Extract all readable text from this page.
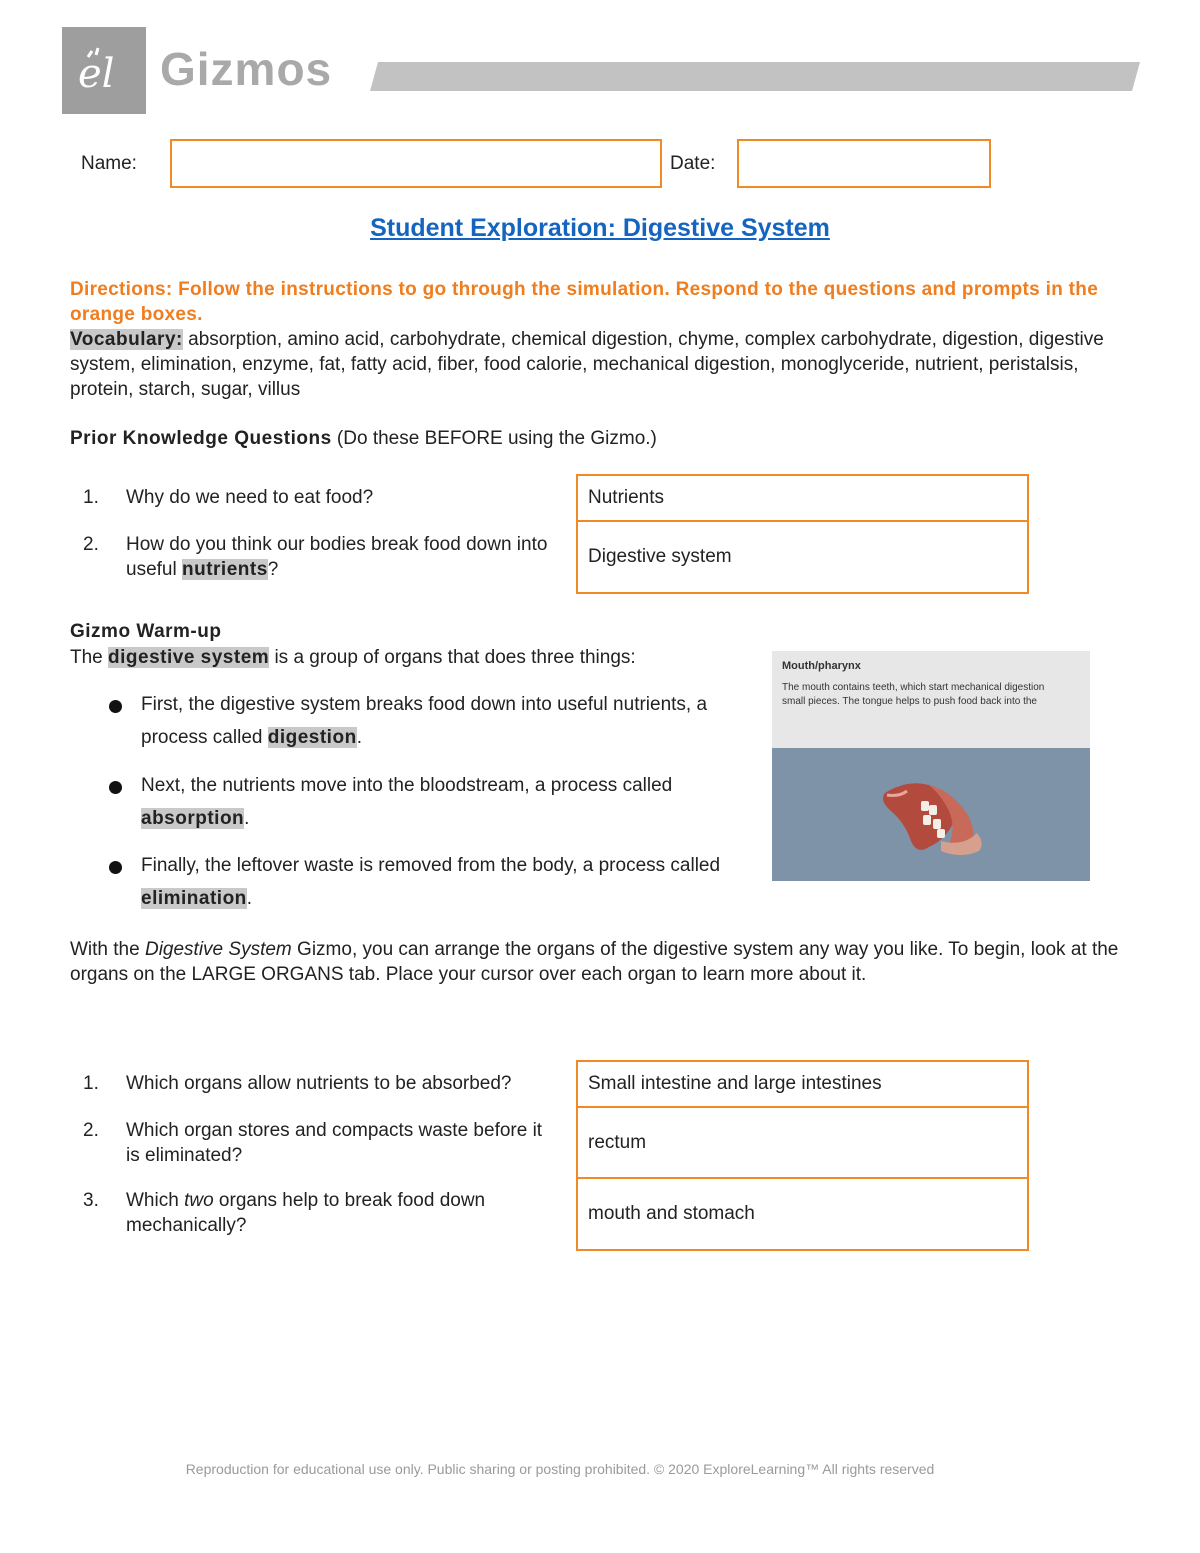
el Gizmos
Name:	Date:
Student Exploration: Digestive System
Directions: Follow the instructions to go through the simulation. Respond to the questions and prompts in the orange boxes.
Vocabulary: absorption, amino acid, carbohydrate, chemical digestion, chyme, complex carbohydrate, digestion, digestive system, elimination, enzyme, fat, fatty acid, fiber, food calorie, mechanical digestion, monoglyceride, nutrient, peristalsis, protein, starch, sugar, villus
Prior Knowledge Questions (Do these BEFORE using the Gizmo.)
1. Why do we need to eat food?	Nutrients
2. How do you think our bodies break food down into useful nutrients?
Digestive system
Gizmo Warm-up
The digestive system is a group of organs that does three things:
First, the digestive system breaks food down into useful nutrients, a process called digestion.
Next, the nutrients move into the bloodstream, a process called absorption.
Finally, the leftover waste is removed from the body, a process called elimination.
Mouth/pharynx
The mouth contains teeth, which start mechanical digestion
small pieces. The tongue helps to push food back into the
With the Digestive System Gizmo, you can arrange the organs of the digestive system any way you like. To begin, look at the organs on the LARGE ORGANS tab. Place your cursor over each organ to learn more about it.
1. Which organs allow nutrients to be absorbed?	Small intestine and large intestines
2. Which organ stores and compacts waste before it is eliminated?
rectum
3. Which two organs help to break food down mechanically?
mouth and stomach
Reproduction for educational use only. Public sharing or posting prohibited. © 2020 ExploreLearning™ All rights reserved
